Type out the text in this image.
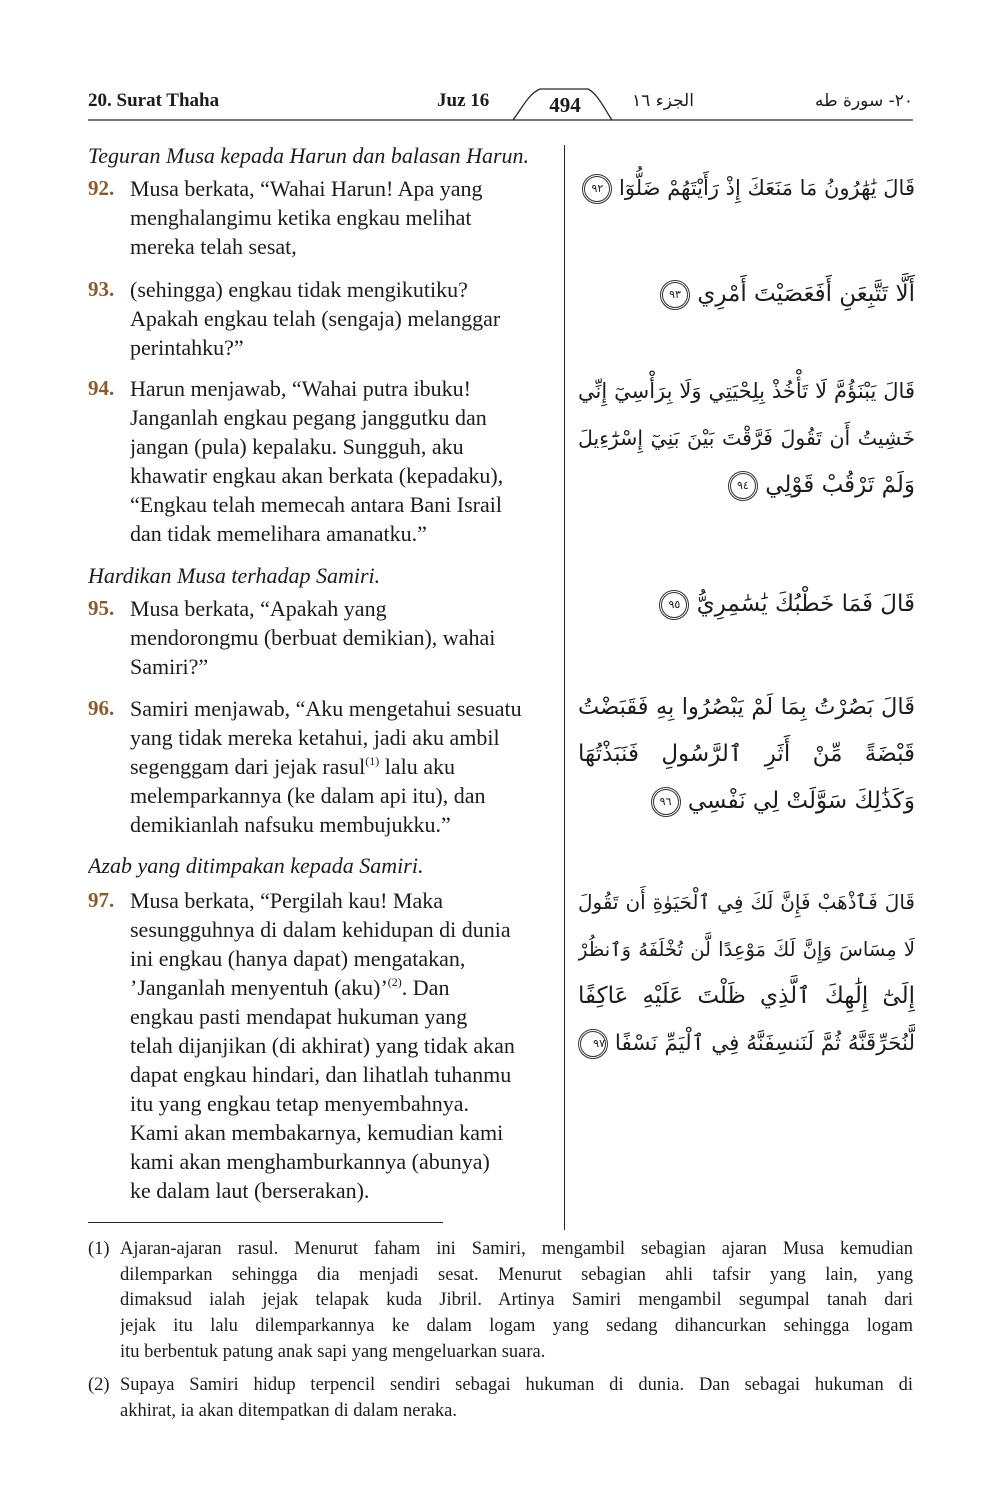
20. Surat Thaha	Juz 16	494	الجزء ١٦	٢٠- سورة طه
Teguran Musa kepada Harun dan balasan Harun.
92. Musa berkata, “Wahai Harun! Apa yang
menghalangimu ketika engkau melihat
mereka telah sesat,
93. (sehingga) engkau tidak mengikutiku?
Apakah engkau telah (sengaja) melanggar
perintahku?”
94. Harun menjawab, “Wahai putra ibuku!
Janganlah engkau pegang janggutku dan
jangan (pula) kepalaku. Sungguh, aku
khawatir engkau akan berkata (kepadaku),
“Engkau telah memecah antara Bani Israil
dan tidak memelihara amanatku.”
Hardikan Musa terhadap Samiri.
95. Musa berkata, “Apakah yang
mendorongmu (berbuat demikian), wahai
Samiri?”
96. Samiri menjawab, “Aku mengetahui sesuatu
yang tidak mereka ketahui, jadi aku ambil
segenggam dari jejak rasul$^{(1)}$ lalu aku
melemparkannya (ke dalam api itu), dan
demikianlah nafsuku membujukku.”
Azab yang ditimpakan kepada Samiri.
97. Musa berkata, “Pergilah kau! Maka
sesungguhnya di dalam kehidupan di dunia
ini engkau (hanya dapat) mengatakan,
’Janganlah menyentuh (aku)’$^{(2)}$. Dan
engkau pasti mendapat hukuman yang
telah dijanjikan (di akhirat) yang tidak akan
dapat engkau hindari, dan lihatlah tuhanmu
itu yang engkau tetap menyembahnya.
Kami akan membakarnya, kemudian kami
kami akan menghamburkannya (abunya)
ke dalam laut (berserakan).
قَالَ يَٰهَٰرُونُ مَا مَنَعَكَ إِذْ رَأَيْتَهُمْ ضَلُّوٓا ٩٢
أَلَّا تَتَّبِعَنِ أَفَعَصَيْتَ أَمْرِي ٩٣
قَالَ يَبْنَؤُمَّ لَا تَأْخُذْ بِلِحْيَتِي وَلَا بِرَأْسِيٓ إِنِّي
خَشِيتُ أَن تَقُولَ فَرَّقْتَ بَيْنَ بَنِيٓ إِسْرَٰٓءِيلَ
وَلَمْ تَرْقُبْ قَوْلِي ٩٤
قَالَ فَمَا خَطْبُكَ يَٰسَٰمِرِيُّ ٩٥
قَالَ بَصُرْتُ بِمَا لَمْ يَبْصُرُوا بِهِ فَقَبَضْتُ
قَبْضَةً مِّنْ أَثَرِ ٱلرَّسُولِ فَنَبَذْتُهَا
وَكَذَٰلِكَ سَوَّلَتْ لِي نَفْسِي ٩٦
قَالَ فَٱذْهَبْ فَإِنَّ لَكَ فِي ٱلْحَيَوٰةِ أَن تَقُولَ
لَا مِسَاسَ وَإِنَّ لَكَ مَوْعِدًا لَّن تُخْلَفَهُ وَٱنظُرْ
إِلَىٰٓ إِلَٰهِكَ ٱلَّذِي ظَلْتَ عَلَيْهِ عَاكِفًا
لَّنُحَرِّقَنَّهُ ثُمَّ لَنَنسِفَنَّهُ فِي ٱلْيَمِّ نَسْفًا ٩٧
(1) Ajaran-ajaran rasul. Menurut faham ini Samiri, mengambil sebagian ajaran Musa kemudian
dilemparkan sehingga dia menjadi sesat. Menurut sebagian ahli tafsir yang lain, yang
dimaksud ialah jejak telapak kuda Jibril. Artinya Samiri mengambil segumpal tanah dari
jejak itu lalu dilemparkannya ke dalam logam yang sedang dihancurkan sehingga logam
itu berbentuk patung anak sapi yang mengeluarkan suara.
(2) Supaya Samiri hidup terpencil sendiri sebagai hukuman di dunia. Dan sebagai hukuman di
akhirat, ia akan ditempatkan di dalam neraka.
